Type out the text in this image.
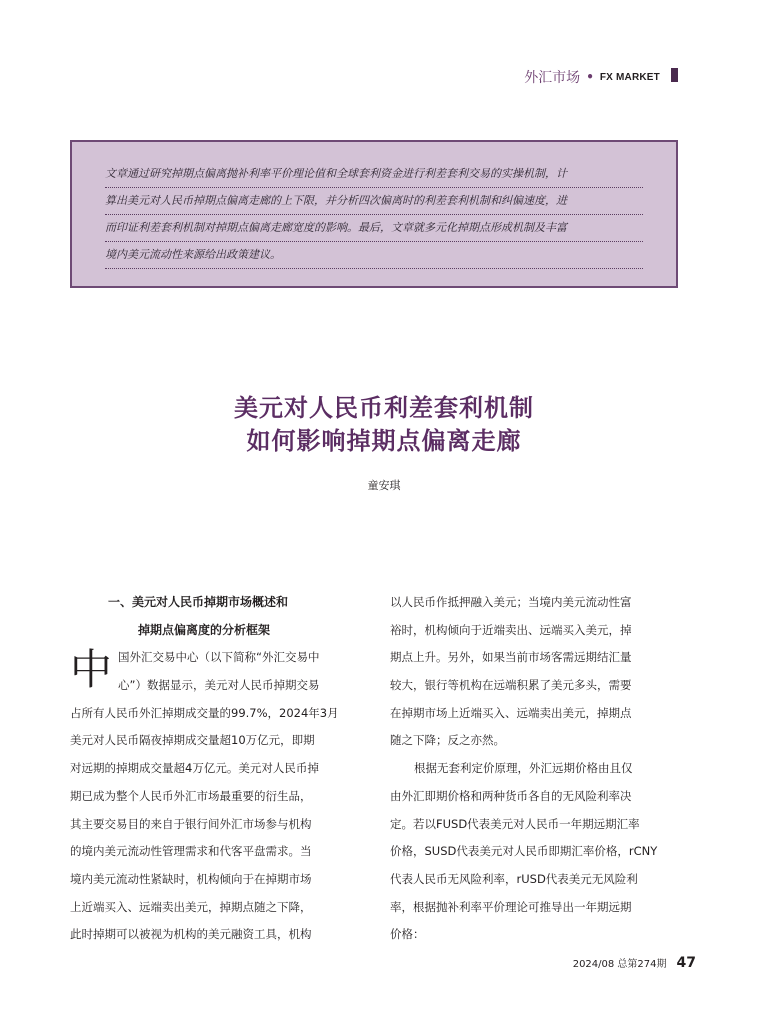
外汇市场 • FX MARKET
文章通过研究掉期点偏离抛补利率平价理论值和全球套利资金进行利差套利交易的实操机制，计
算出美元对人民币掉期点偏离走廊的上下限，并分析四次偏离时的利差套利机制和纠偏速度，进
而印证利差套利机制对掉期点偏离走廊宽度的影响。最后，文章就多元化掉期点形成机制及丰富
境内美元流动性来源给出政策建议。
美元对人民币利差套利机制
如何影响掉期点偏离走廊
童安琪
一、美元对人民币掉期市场概述和
掉期点偏离度的分析框架
中 国外汇交易中心（以下简称“外汇交易中
心”）数据显示，美元对人民币掉期交易
占所有人民币外汇掉期成交量的99.7%，2024年3月
美元对人民币隔夜掉期成交量超10万亿元，即期
对远期的掉期成交量超4万亿元。美元对人民币掉
期已成为整个人民币外汇市场最重要的衍生品，
其主要交易目的来自于银行间外汇市场参与机构
的境内美元流动性管理需求和代客平盘需求。当
境内美元流动性紧缺时，机构倾向于在掉期市场
上近端买入、远端卖出美元，掉期点随之下降，
此时掉期可以被视为机构的美元融资工具，机构
以人民币作抵押融入美元；当境内美元流动性富
裕时，机构倾向于近端卖出、远端买入美元，掉
期点上升。另外，如果当前市场客需远期结汇量
较大，银行等机构在远端积累了美元多头，需要
在掉期市场上近端买入、远端卖出美元，掉期点
随之下降；反之亦然。
根据无套利定价原理，外汇远期价格由且仅
由外汇即期价格和两种货币各自的无风险利率决
定。若以FUSD代表美元对人民币一年期远期汇率
价格，SUSD代表美元对人民币即期汇率价格，rCNY
代表人民币无风险利率，rUSD代表美元无风险利
率，根据抛补利率平价理论可推导出一年期远期
价格：
2024/08 总第274期 47
